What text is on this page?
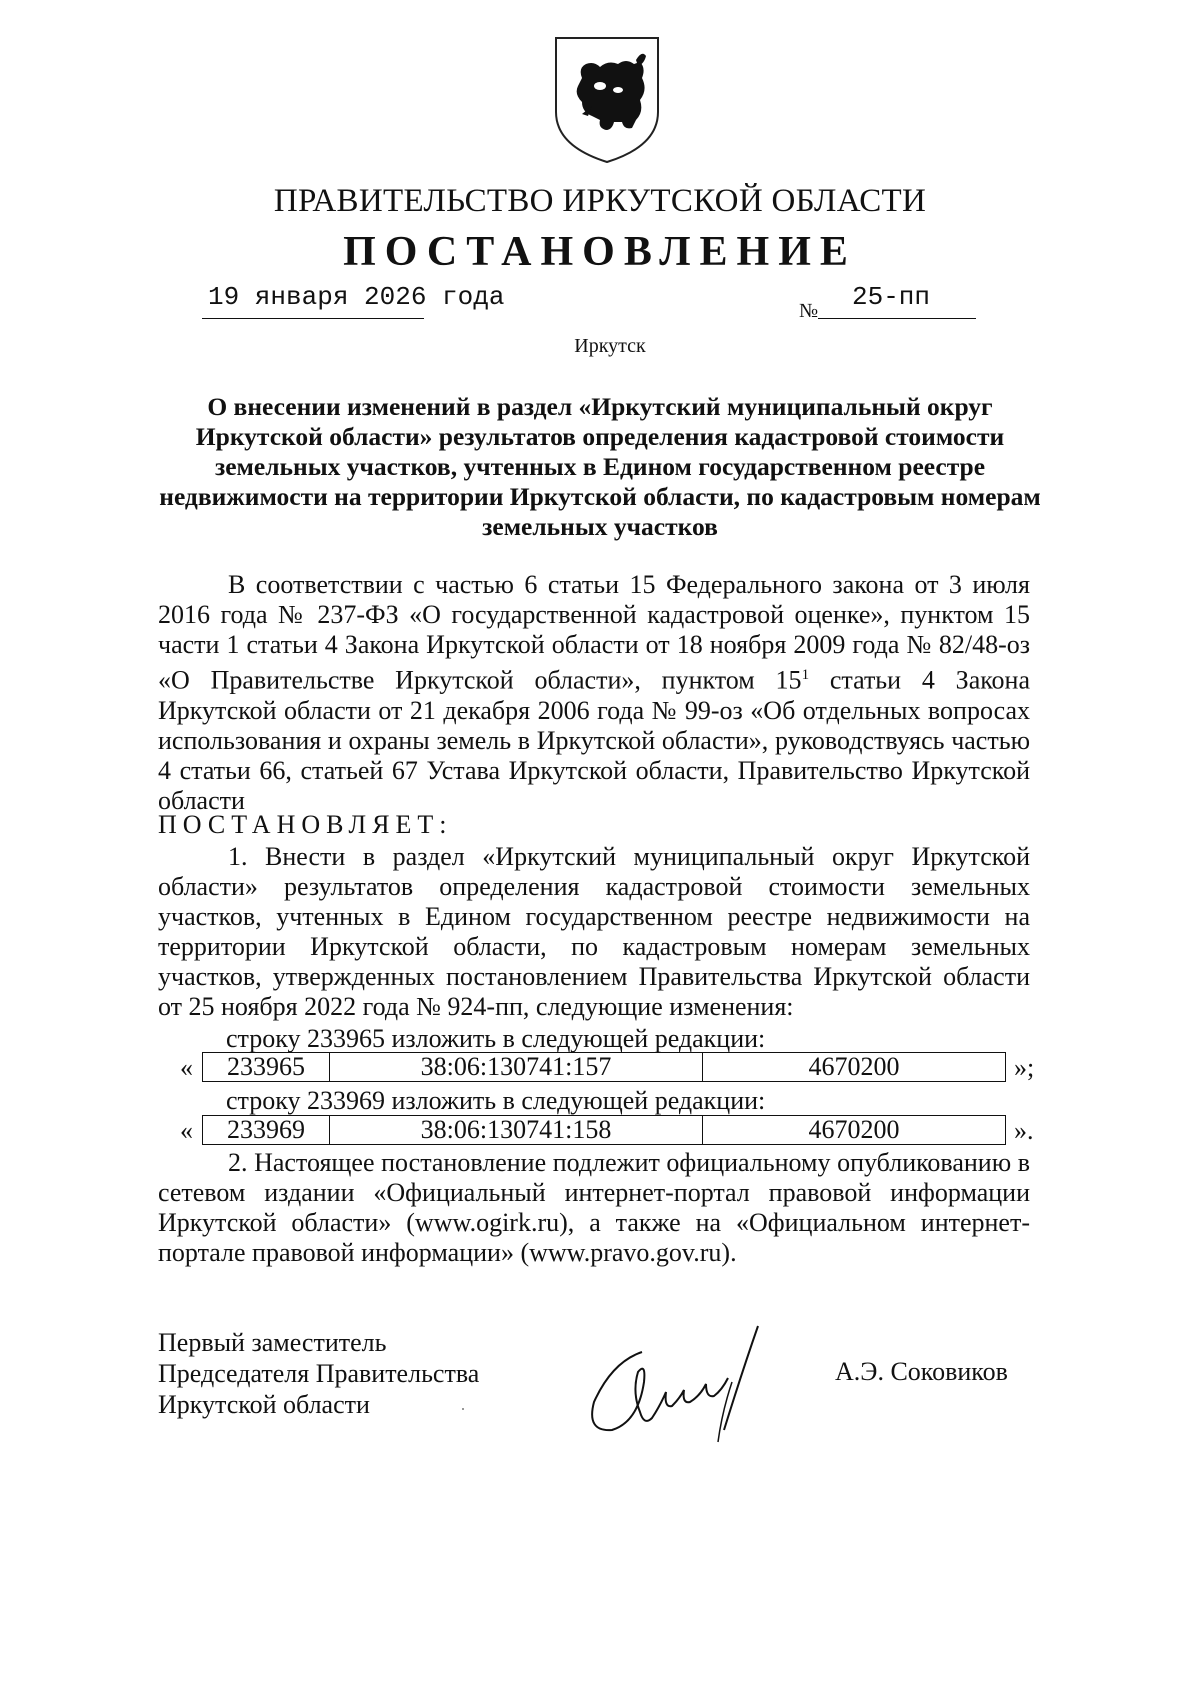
ПРАВИТЕЛЬСТВО ИРКУТСКОЙ ОБЛАСТИ
ПОСТАНОВЛЕНИЕ
19 января 2026 года	№ 25-пп
Иркутск
О внесении изменений в раздел «Иркутский муниципальный округ Иркутской области» результатов определения кадастровой стоимости земельных участков, учтенных в Едином государственном реестре недвижимости на территории Иркутской области, по кадастровым номерам земельных участков

В соответствии с частью 6 статьи 15 Федерального закона от 3 июля 2016 года № 237-ФЗ «О государственной кадастровой оценке», пунктом 15 части 1 статьи 4 Закона Иркутской области от 18 ноября 2009 года № 82/48-оз «О Правительстве Иркутской области», пунктом $15^1$ статьи 4 Закона Иркутской области от 21 декабря 2006 года № 99-оз «Об отдельных вопросах использования и охраны земель в Иркутской области», руководствуясь частью 4 статьи 66, статьей 67 Устава Иркутской области, Правительство Иркутской области

ПОСТАНОВЛЯЕТ:

1. Внести в раздел «Иркутский муниципальный округ Иркутской области» результатов определения кадастровой стоимости земельных участков, учтенных в Едином государственном реестре недвижимости на территории Иркутской области, по кадастровым номерам земельных участков, утвержденных постановлением Правительства Иркутской области от 25 ноября 2022 года № 924-пп, следующие изменения:

строку 233965 изложить в следующей редакции:
« 233965	38:06:130741:157	4670200	»;
строку 233969 изложить в следующей редакции:
« 233969	38:06:130741:158	4670200	».

2. Настоящее постановление подлежит официальному опубликованию в сетевом издании «Официальный интернет-портал правовой информации Иркутской области» (www.ogirk.ru), а также на «Официальном интернет-портале правовой информации» (www.pravo.gov.ru).

Первый заместитель
Председателя Правительства
Иркутской области
А.Э. Соковиков
